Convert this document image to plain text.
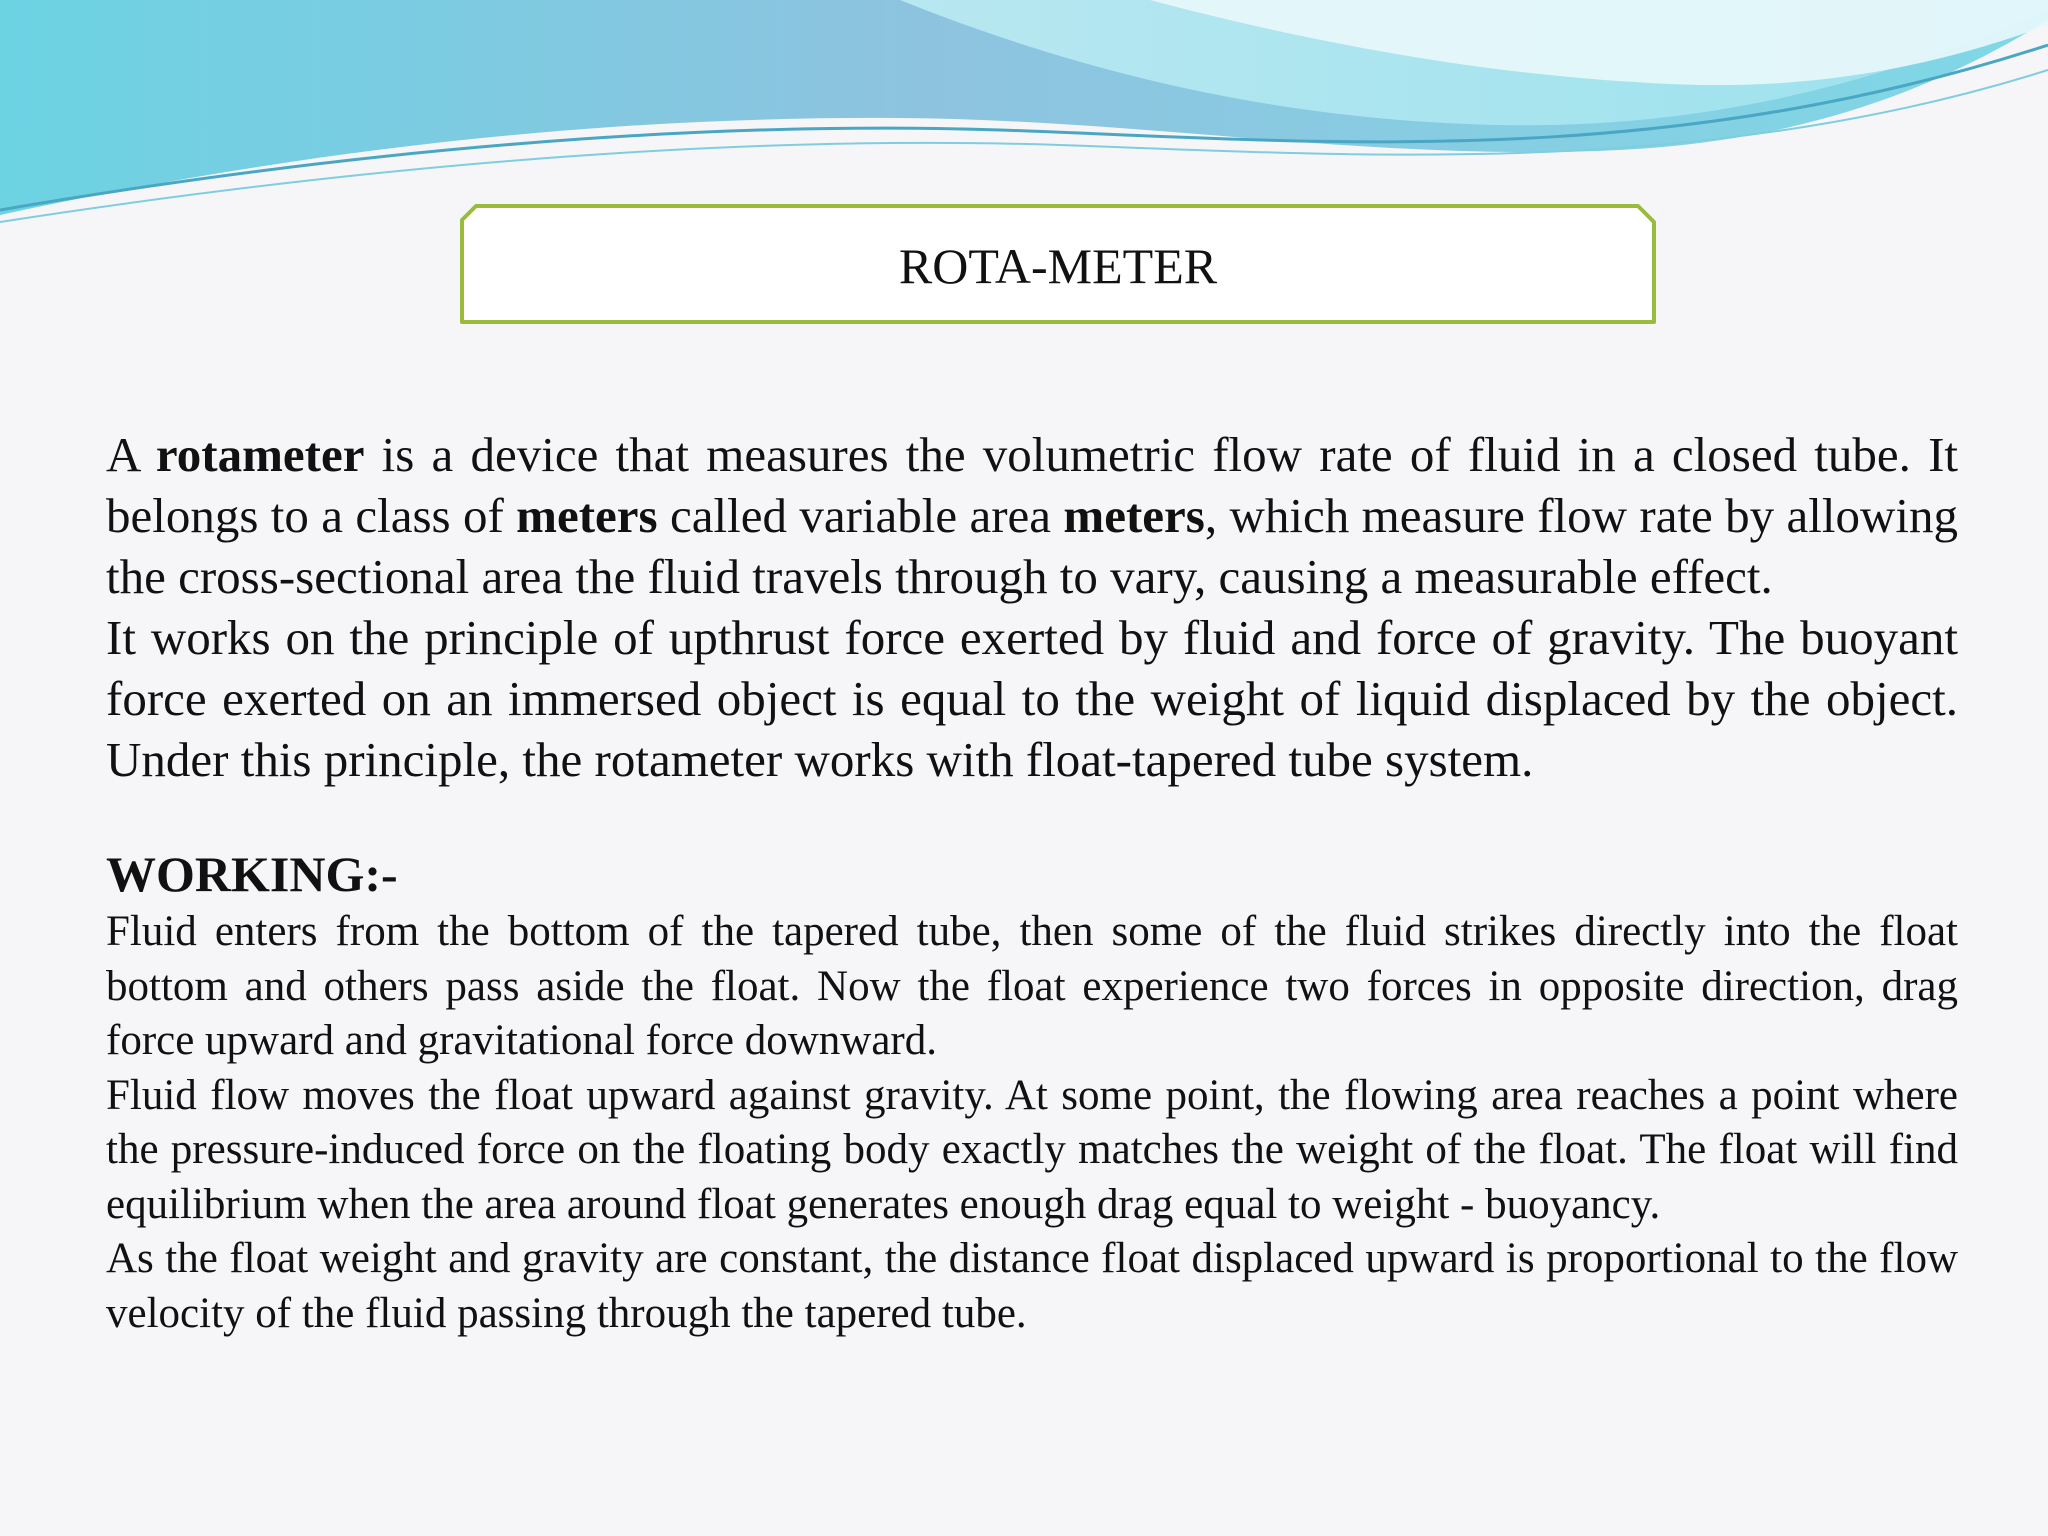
ROTA-METER

A rotameter is a device that measures the volumetric flow rate of fluid in a closed tube. It belongs to a class of meters called variable area meters, which measure flow rate by allowing the cross-sectional area the fluid travels through to vary, causing a measurable effect.

It works on the principle of upthrust force exerted by fluid and force of gravity. The buoyant force exerted on an immersed object is equal to the weight of liquid displaced by the object. Under this principle, the rotameter works with float-tapered tube system.

WORKING:-

Fluid enters from the bottom of the tapered tube, then some of the fluid strikes directly into the float bottom and others pass aside the float. Now the float experience two forces in opposite direction, drag force upward and gravitational force downward.

Fluid flow moves the float upward against gravity. At some point, the flowing area reaches a point where the pressure-induced force on the floating body exactly matches the weight of the float. The float will find equilibrium when the area around float generates enough drag equal to weight - buoyancy.

As the float weight and gravity are constant, the distance float displaced upward is proportional to the flow velocity of the fluid passing through the tapered tube.
